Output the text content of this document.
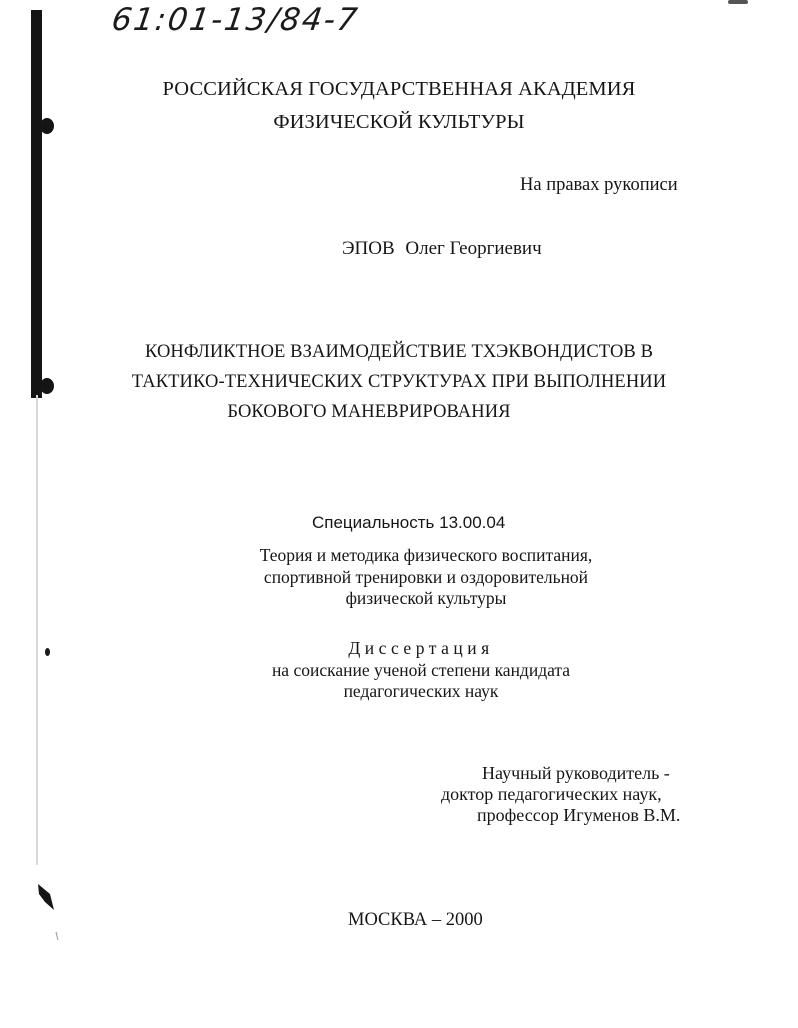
61:01-13/84-7
РОССИЙСКАЯ ГОСУДАРСТВЕННАЯ АКАДЕМИЯ
ФИЗИЧЕСКОЙ КУЛЬТУРЫ
На правах рукописи
ЭПОВ Олег Георгиевич
КОНФЛИКТНОЕ ВЗАИМОДЕЙСТВИЕ ТХЭКВОНДИСТОВ В
ТАКТИКО-ТЕХНИЧЕСКИХ СТРУКТУРАХ ПРИ ВЫПОЛНЕНИИ
БОКОВОГО МАНЕВРИРОВАНИЯ
Специальность 13.00.04
Теория и методика физического воспитания,
спортивной тренировки и оздоровительной
физической культуры
Диссертация
на соискание ученой степени кандидата
педагогических наук
Научный руководитель -
доктор педагогических наук,
профессор Игуменов В.М.
МОСКВА – 2000
